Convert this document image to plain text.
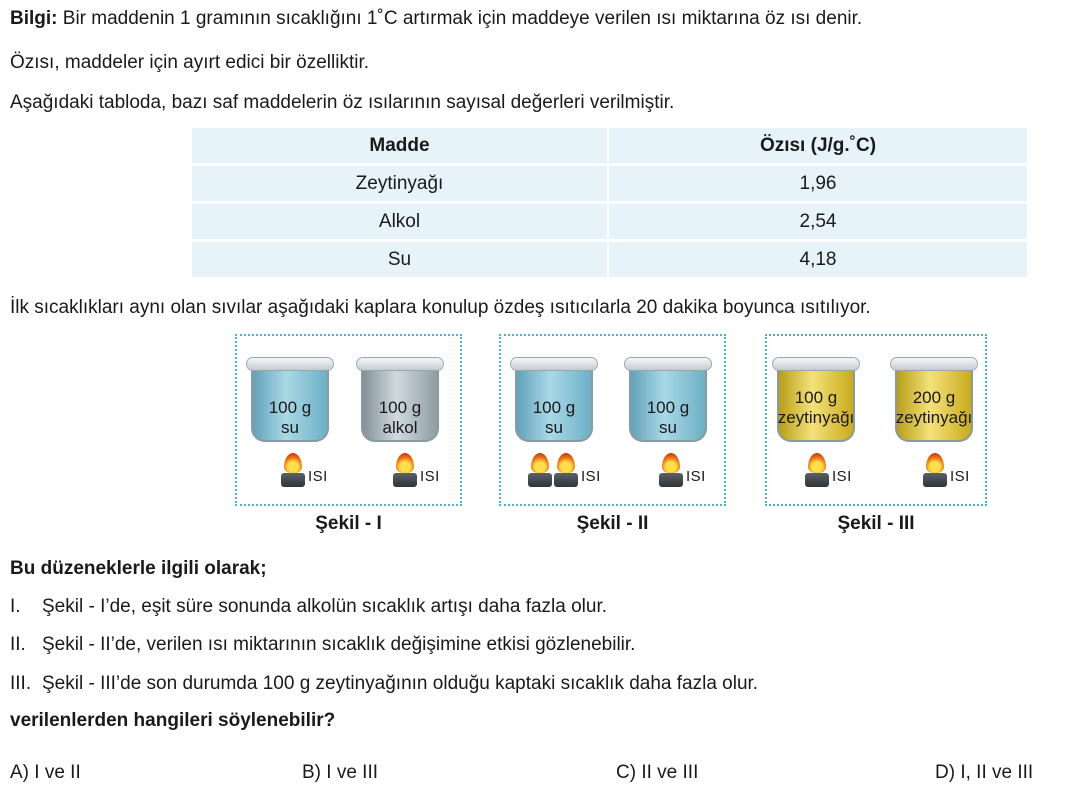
Bilgi: Bir maddenin 1 gramının sıcaklığını 1˚C artırmak için maddeye verilen ısı miktarına öz ısı denir.
Özısı, maddeler için ayırt edici bir özelliktir.
Aşağıdaki tabloda, bazı saf maddelerin öz ısılarının sayısal değerleri verilmiştir.
Madde	Özısı (J/g.˚C)
Zeytinyağı	1,96
Alkol	2,54
Su	4,18
İlk sıcaklıkları aynı olan sıvılar aşağıdaki kaplara konulup özdeş ısıtıcılarla 20 dakika boyunca ısıtılıyor.
100 g
su
ISI
100 g
alkol
ISI
Şekil - I
100 g
su
ISI
100 g
su
ISI
Şekil - II
100 g
zeytinyağı
ISI
200 g
zeytinyağı
ISI
Şekil - III
Bu düzeneklerle ilgili olarak;
I. Şekil - I’de, eşit süre sonunda alkolün sıcaklık artışı daha fazla olur.
II. Şekil - II’de, verilen ısı miktarının sıcaklık değişimine etkisi gözlenebilir.
III. Şekil - III’de son durumda 100 g zeytinyağının olduğu kaptaki sıcaklık daha fazla olur.
verilenlerden hangileri söylenebilir?
A) I ve II	B) I ve III	C) II ve III	D) I, II ve III
